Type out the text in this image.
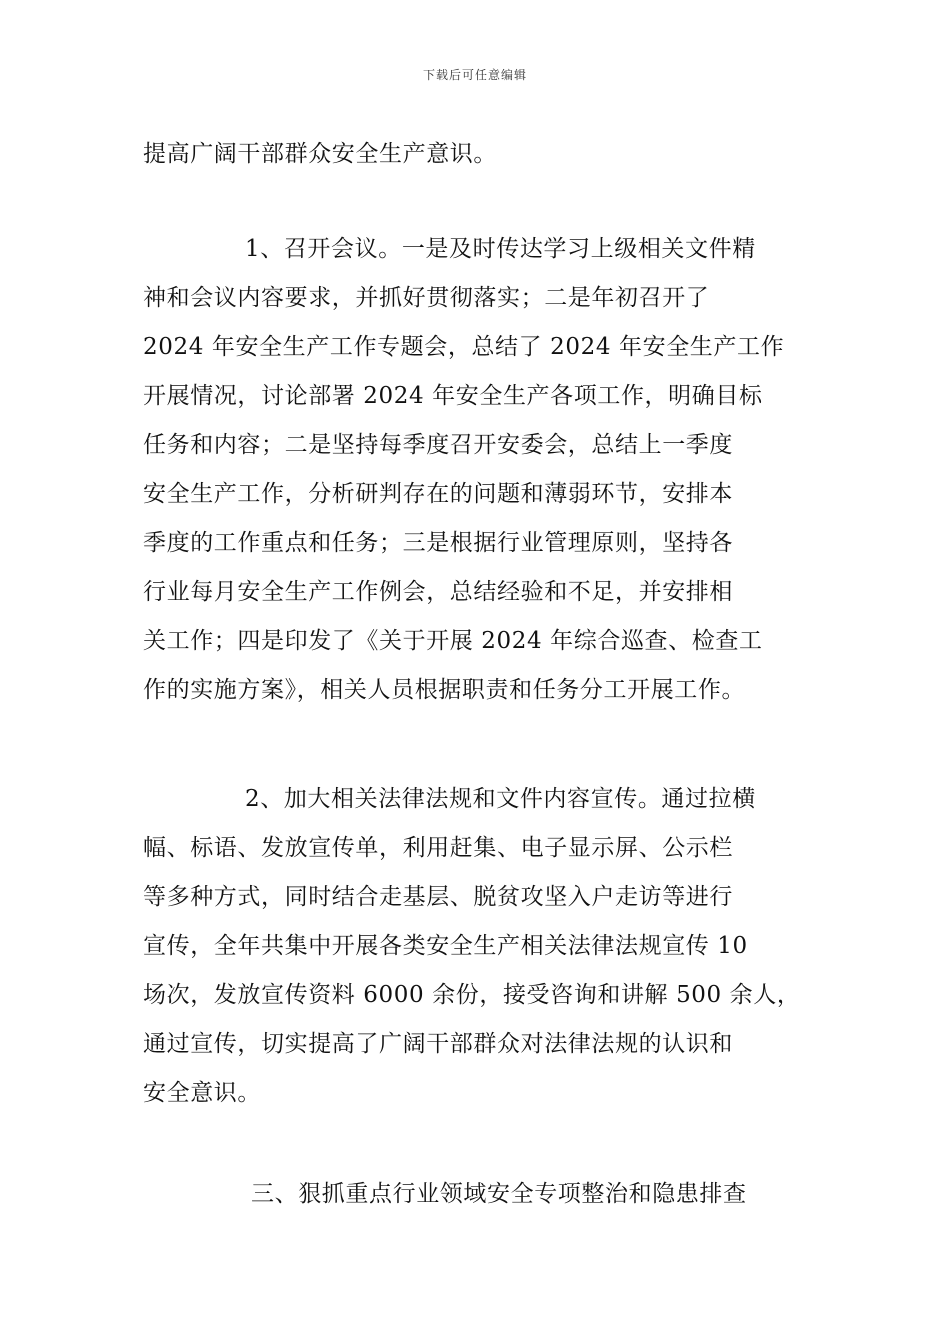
下载后可任意编辑
提高广阔干部群众安全生产意识。
1、召开会议。一是及时传达学习上级相关文件精
神和会议内容要求，并抓好贯彻落实；二是年初召开了
2024 年安全生产工作专题会，总结了 2024 年安全生产工作
开展情况，讨论部署 2024 年安全生产各项工作，明确目标
任务和内容；二是坚持每季度召开安委会，总结上一季度
安全生产工作，分析研判存在的问题和薄弱环节，安排本
季度的工作重点和任务；三是根据行业管理原则，坚持各
行业每月安全生产工作例会，总结经验和不足，并安排相
关工作；四是印发了《关于开展 2024 年综合巡查、检查工
作的实施方案》，相关人员根据职责和任务分工开展工作。
2、加大相关法律法规和文件内容宣传。通过拉横
幅、标语、发放宣传单，利用赶集、电子显示屏、公示栏
等多种方式，同时结合走基层、脱贫攻坚入户走访等进行
宣传，全年共集中开展各类安全生产相关法律法规宣传 10
场次，发放宣传资料 6000 余份，接受咨询和讲解 500 余人，
通过宣传，切实提高了广阔干部群众对法律法规的认识和
安全意识。
三、狠抓重点行业领域安全专项整治和隐患排查
